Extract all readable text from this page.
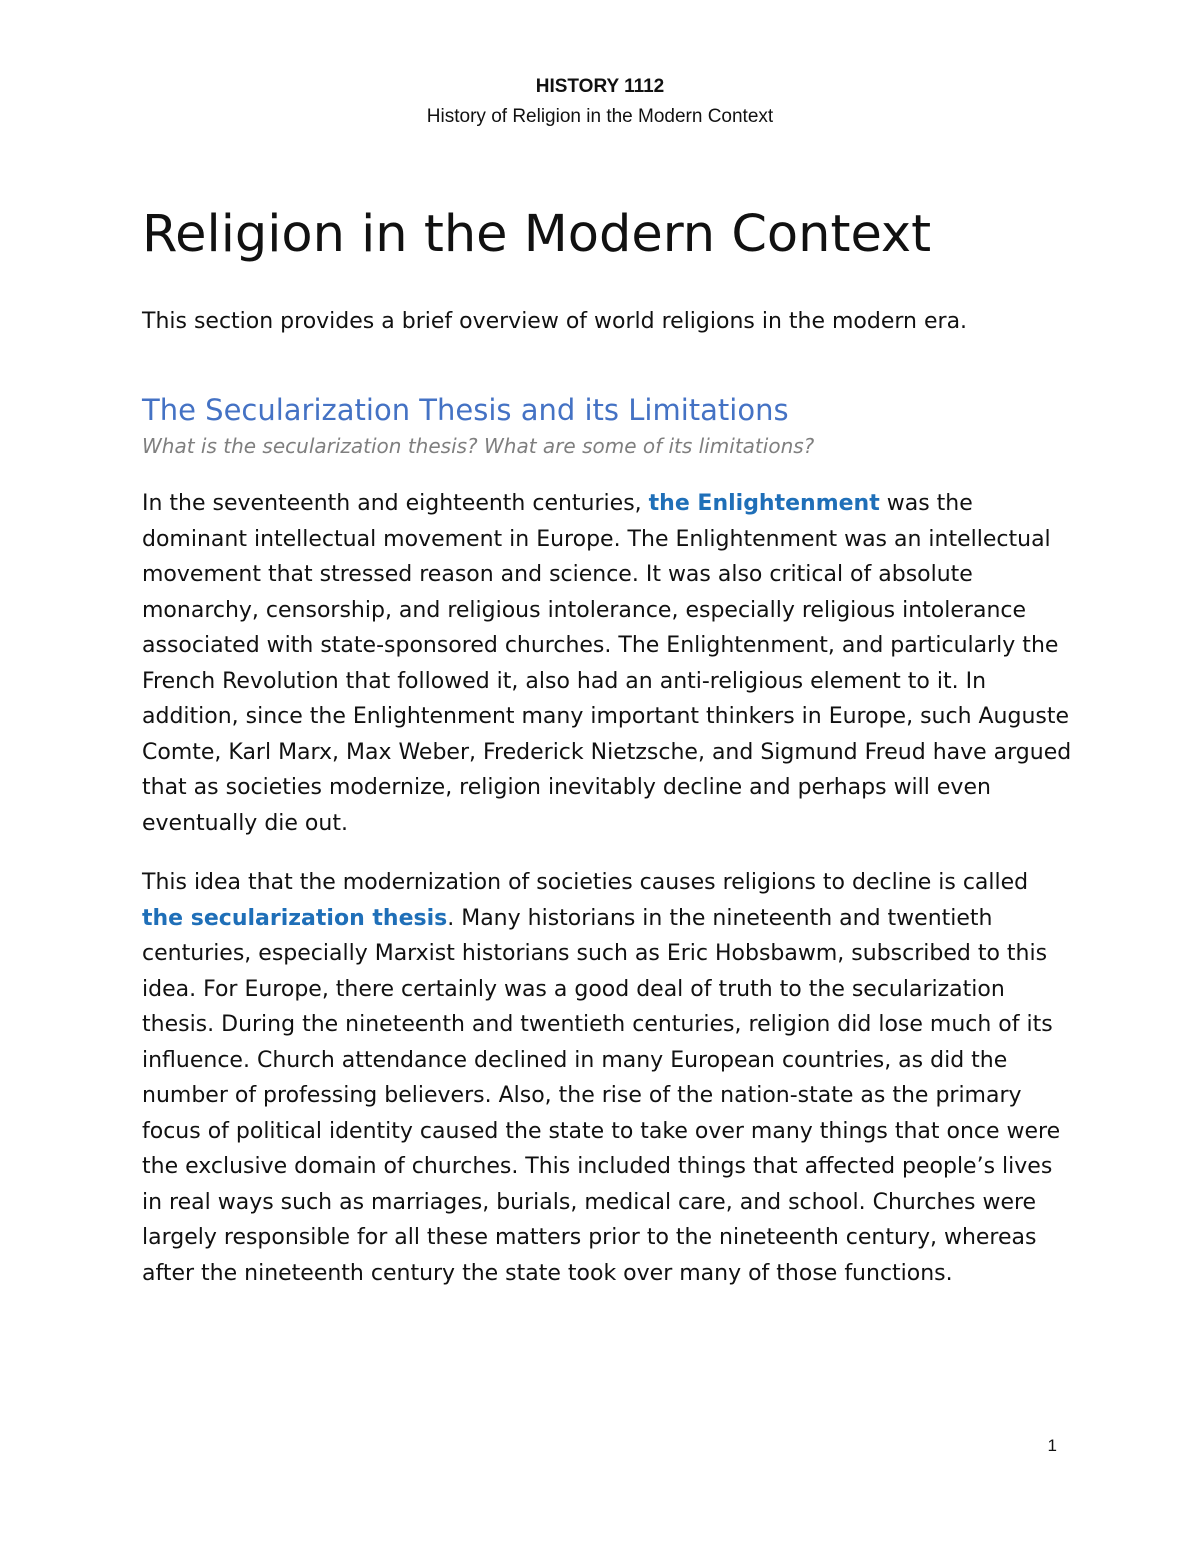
HISTORY 1112
History of Religion in the Modern Context
Religion in the Modern Context

This section provides a brief overview of world religions in the modern era.

The Secularization Thesis and its Limitations
What is the secularization thesis? What are some of its limitations?

In the seventeenth and eighteenth centuries, the Enlightenment was the dominant intellectual movement in Europe. The Enlightenment was an intellectual movement that stressed reason and science. It was also critical of absolute monarchy, censorship, and religious intolerance, especially religious intolerance associated with state-sponsored churches. The Enlightenment, and particularly the French Revolution that followed it, also had an anti-religious element to it. In addition, since the Enlightenment many important thinkers in Europe, such Auguste Comte, Karl Marx, Max Weber, Frederick Nietzsche, and Sigmund Freud have argued that as societies modernize, religion inevitably decline and perhaps will even eventually die out.

This idea that the modernization of societies causes religions to decline is called the secularization thesis. Many historians in the nineteenth and twentieth centuries, especially Marxist historians such as Eric Hobsbawm, subscribed to this idea. For Europe, there certainly was a good deal of truth to the secularization thesis. During the nineteenth and twentieth centuries, religion did lose much of its influence. Church attendance declined in many European countries, as did the number of professing believers. Also, the rise of the nation-state as the primary focus of political identity caused the state to take over many things that once were the exclusive domain of churches. This included things that affected people’s lives in real ways such as marriages, burials, medical care, and school. Churches were largely responsible for all these matters prior to the nineteenth century, whereas after the nineteenth century the state took over many of those functions.

1
